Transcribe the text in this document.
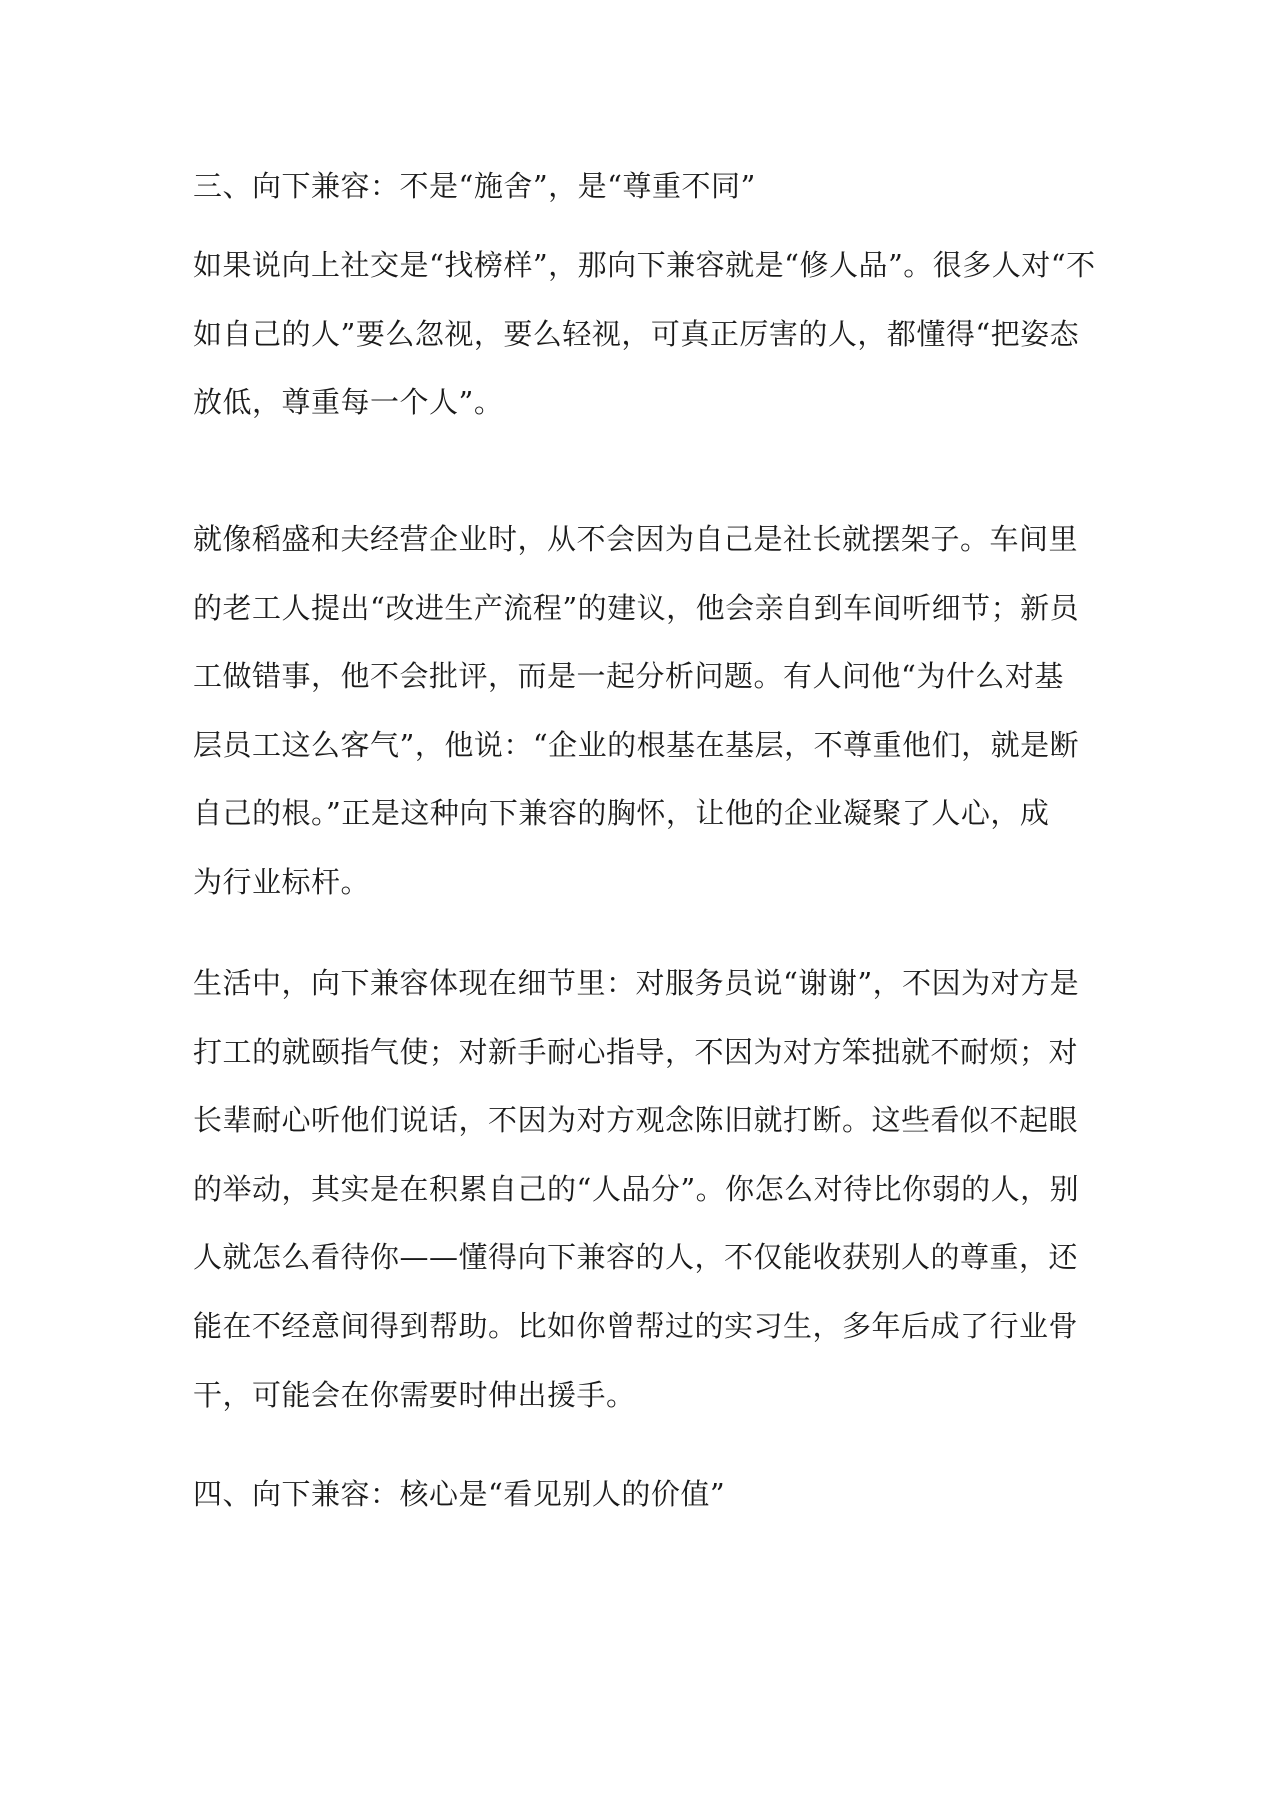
三、向下兼容：不是“施舍”，是“尊重不同”

如果说向上社交是“找榜样”，那向下兼容就是“修人品”。很多人对“不
如自己的人”要么忽视，要么轻视，可真正厉害的人，都懂得“把姿态
放低，尊重每一个人”。

就像稻盛和夫经营企业时，从不会因为自己是社长就摆架子。车间里
的老工人提出“改进生产流程”的建议，他会亲自到车间听细节；新员
工做错事，他不会批评，而是一起分析问题。有人问他“为什么对基
层员工这么客气”，他说：“企业的根基在基层，不尊重他们，就是断
自己的根。”正是这种向下兼容的胸怀，让他的企业凝聚了人心，成
为行业标杆。

生活中，向下兼容体现在细节里：对服务员说“谢谢”，不因为对方是
打工的就颐指气使；对新手耐心指导，不因为对方笨拙就不耐烦；对
长辈耐心听他们说话，不因为对方观念陈旧就打断。这些看似不起眼
的举动，其实是在积累自己的“人品分”。你怎么对待比你弱的人，别
人就怎么看待你——懂得向下兼容的人，不仅能收获别人的尊重，还
能在不经意间得到帮助。比如你曾帮过的实习生，多年后成了行业骨
干，可能会在你需要时伸出援手。

四、向下兼容：核心是“看见别人的价值”
